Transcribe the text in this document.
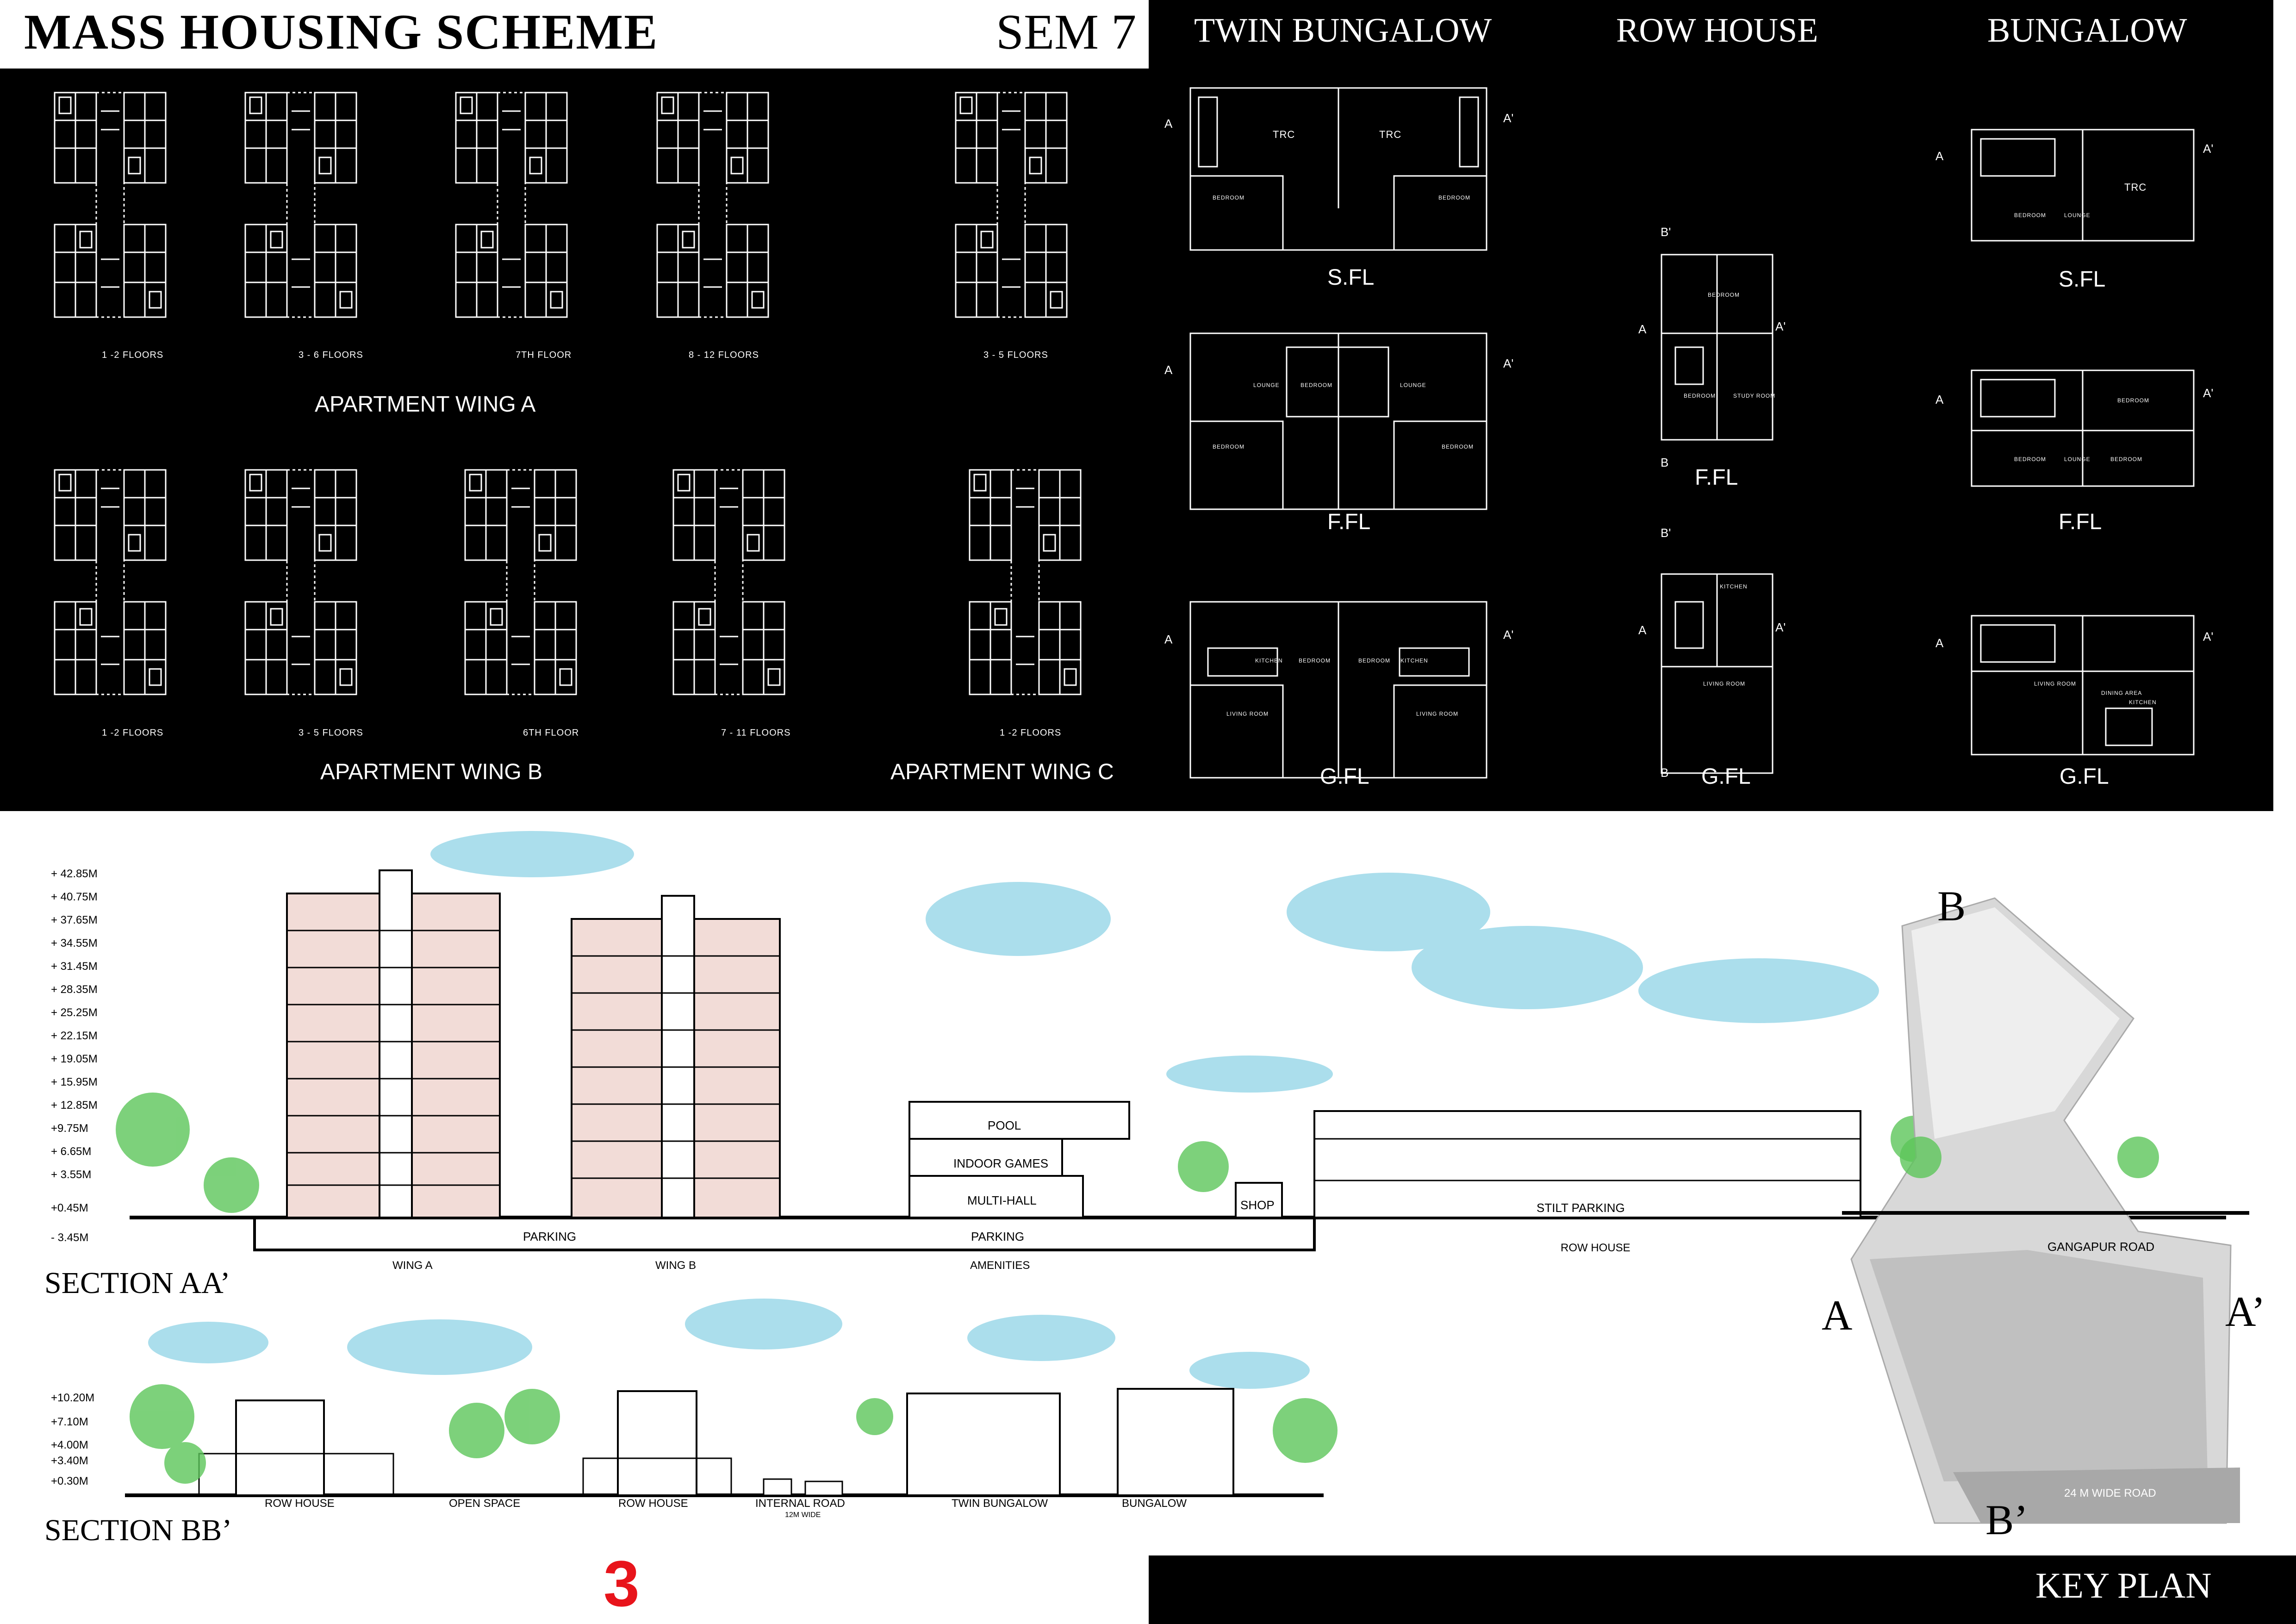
MASS HOUSING SCHEME	SEM 7 TWIN BUNGALOW	ROW HOUSE	BUNGALOW
1 -2 FLOORS	3 - 6 FLOORS	7TH FLOOR	8 - 12 FLOORS	3 - 5 FLOORS
APARTMENT WING A
1 -2 FLOORS	3 - 5 FLOORS	6TH FLOOR	7 - 11 FLOORS	1 -2 FLOORS
APARTMENT WING B	APARTMENT WING C
TRC	TRC
BEDROOM	BEDROOM
LOUNGE	BEDROOM	LOUNGE
BEDROOM	BEDROOM
KITCHEN	BEDROOM	BEDROOM KITCHEN
LIVING ROOM	LIVING ROOM
BEDROOM
BEDROOM	STUDY ROOM
KITCHEN
LIVING ROOM
TRC
BEDROOM	LOUNGE
BEDROOM	LOUNGE	BEDROOM
BEDROOM
LIVING ROOM
DINING AREA
KITCHEN
S.FL
F.FL
G.FL
F.FL
G.FL
S.FL
F.FL
G.FL
A	A'
A	A'
A	A'
B'
A	A'
B
B'
A	A'
B
A
A'
A	A'
A	A'
+ 42.85M
+ 40.75M
+ 37.65M
+ 34.55M
+ 31.45M
+ 28.35M
+ 25.25M
+ 22.15M
+ 19.05M
+ 15.95M
+ 12.85M
+9.75M
+ 6.65M
+ 3.55M
+0.45M
- 3.45M
POOL
INDOOR GAMES
MULTI-HALL	SHOP	STILT PARKING
PARKING	PARKING
WING A	WING B	AMENITIES
ROW HOUSE
SECTION AA’
+10.20M
+7.10M
+4.00M
+3.40M
+0.30M
ROW HOUSE	OPEN SPACE	ROW HOUSE	INTERNAL ROAD
12M WIDE
TWIN BUNGALOW	BUNGALOW
SECTION BB’
GANGAPUR ROAD
24 M WIDE ROAD
A	A’
B
B’
KEY PLAN
3
